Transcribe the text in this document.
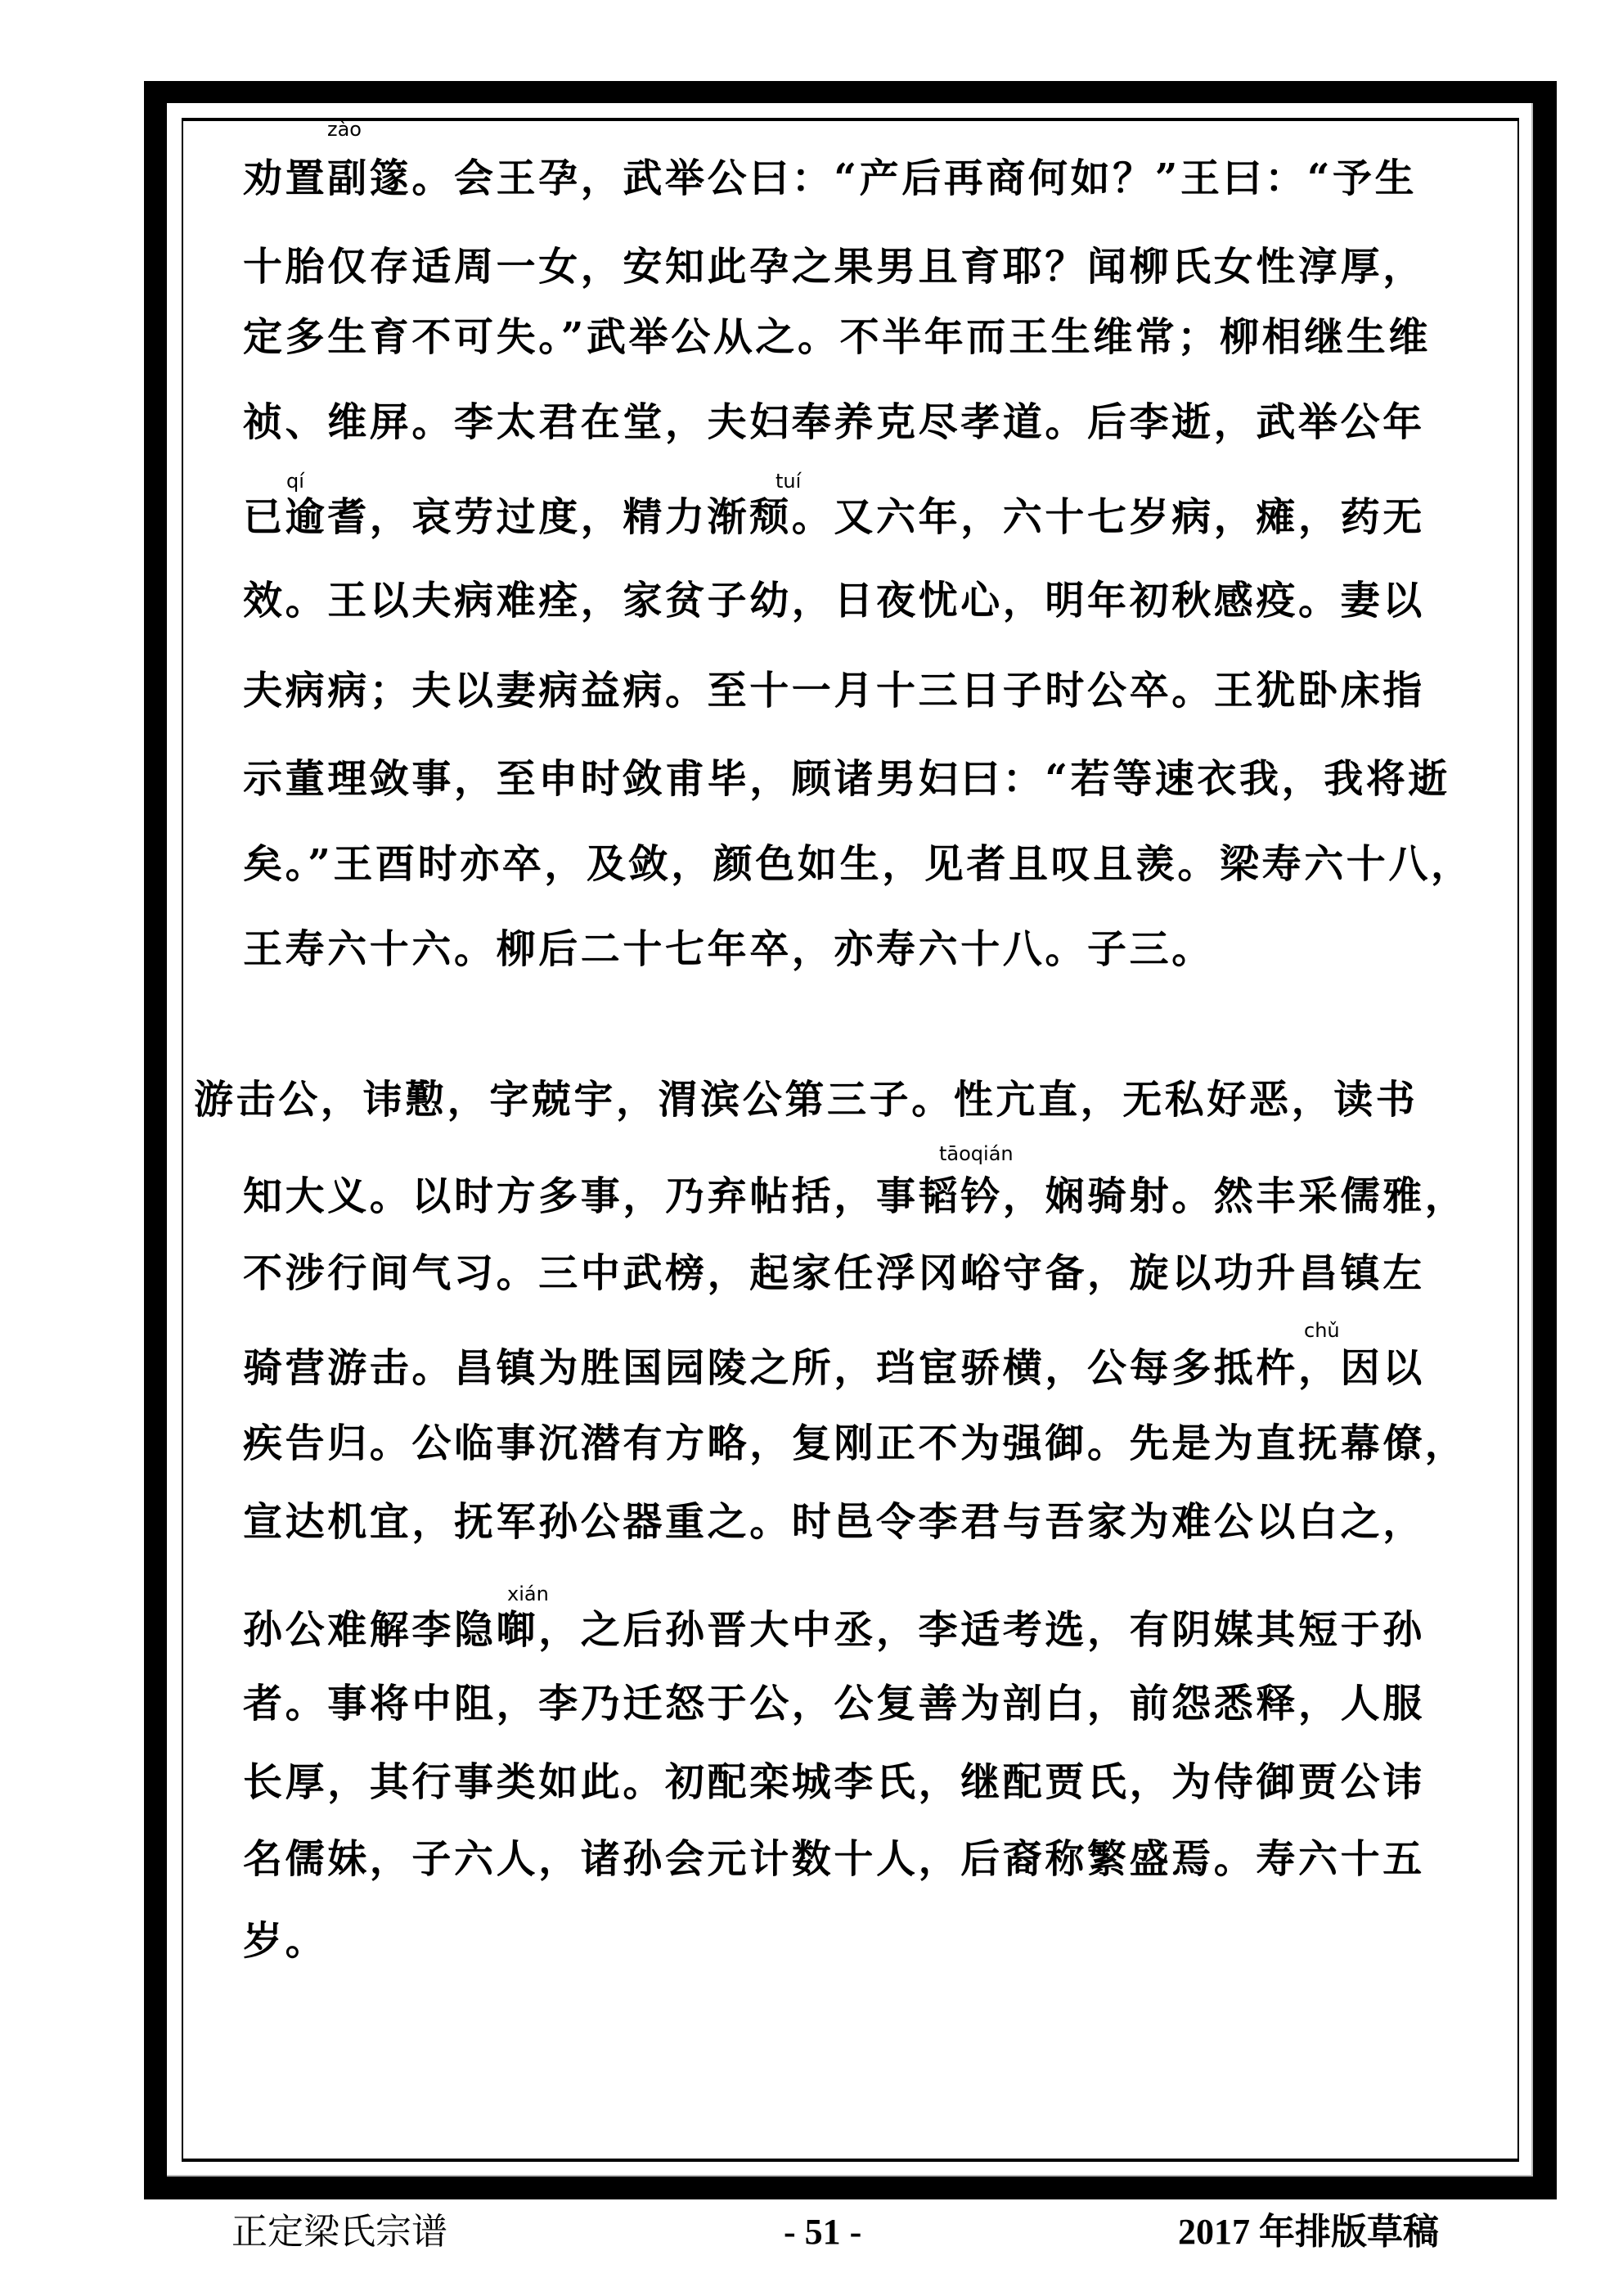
zào
劝置副篴。会王孕，武举公曰：“产后再商何如？”王曰：“予生
十胎仅存适周一女，安知此孕之果男且育耶？闻柳氏女性淳厚，
定多生育不可失。”武举公从之。不半年而王生维常；柳相继生维
祯、维屏。李太君在堂，夫妇奉养克尽孝道。后李逝，武举公年
qí	tuí
已逾耆，哀劳过度，精力渐颓。又六年，六十七岁病，瘫，药无
效。王以夫病难痊，家贫子幼，日夜忧心，明年初秋感疫。妻以
夫病病；夫以妻病益病。至十一月十三日子时公卒。王犹卧床指
示董理敛事，至申时敛甫毕，顾诸男妇曰：“若等速衣我，我将逝
矣。”王酉时亦卒，及敛，颜色如生，见者且叹且羡。梁寿六十八，
王寿六十六。柳后二十七年卒，亦寿六十八。子三。
游击公，讳懃，字兢宇，渭滨公第三子。性亢直，无私好恶，读书
tāoqián
知大义。以时方多事，乃弃帖括，事韬钤，娴骑射。然丰采儒雅，
不涉行间气习。三中武榜，起家任浮冈峪守备，旋以功升昌镇左
chǔ
骑营游击。昌镇为胜国园陵之所，珰宦骄横，公每多抵杵，因以
疾告归。公临事沉潜有方略，复刚正不为强御。先是为直抚幕僚，
宣达机宜，抚军孙公器重之。时邑令李君与吾家为难公以白之，
xián
孙公难解李隐啣，之后孙晋大中丞，李适考选，有阴媒其短于孙
者。事将中阻，李乃迁怒于公，公复善为剖白，前怨悉释，人服
长厚，其行事类如此。初配栾城李氏，继配贾氏，为侍御贾公讳
名儒妹，子六人，诸孙会元计数十人，后裔称繁盛焉。寿六十五
岁。
正定梁氏宗谱	- 51 -	2017 年排版草稿
